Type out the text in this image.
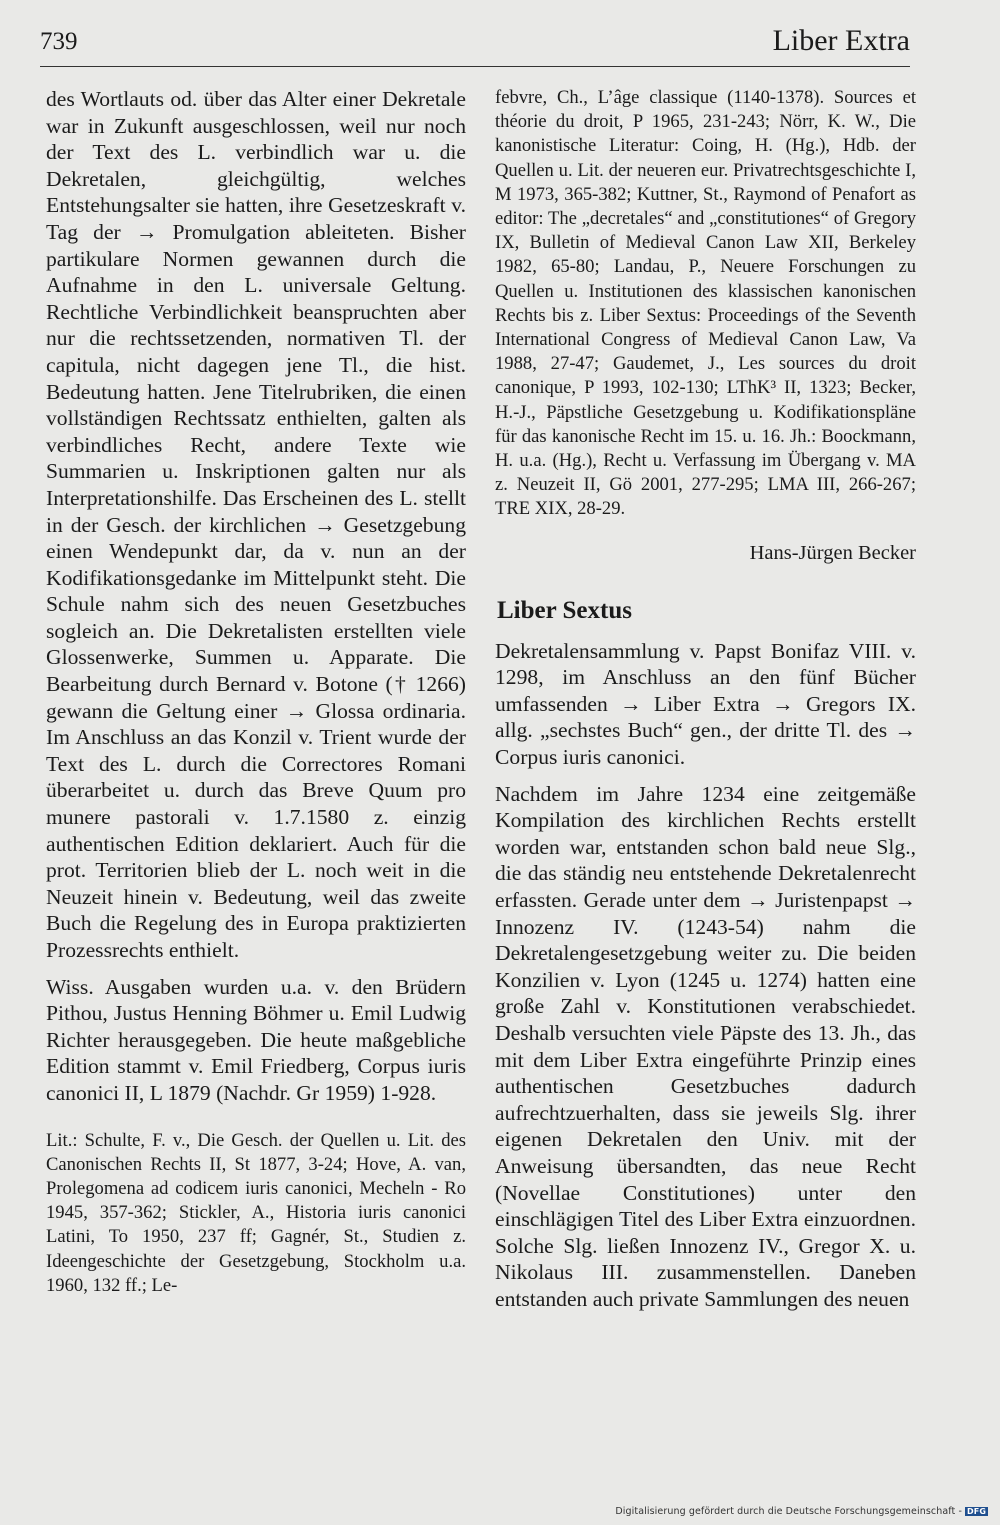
739	Liber Extra

des Wortlauts od. über das Alter einer Dekretale war in Zukunft ausgeschlossen, weil nur noch der Text des L. verbindlich war u. die Dekretalen, gleichgültig, welches Entstehungsalter sie hatten, ihre Gesetzeskraft v. Tag der → Promulgation ableiteten. Bisher partikulare Normen gewannen durch die Aufnahme in den L. universale Geltung. Rechtliche Verbindlichkeit beanspruchten aber nur die rechtssetzenden, normativen Tl. der capitula, nicht dagegen jene Tl., die hist. Bedeutung hatten. Jene Titelrubriken, die einen vollständigen Rechtssatz enthielten, galten als verbindliches Recht, andere Texte wie Summarien u. Inskriptionen galten nur als Interpretationshilfe. Das Erscheinen des L. stellt in der Gesch. der kirchlichen → Gesetzgebung einen Wendepunkt dar, da v. nun an der Kodifikationsgedanke im Mittelpunkt steht. Die Schule nahm sich des neuen Gesetzbuches sogleich an. Die Dekretalisten erstellten viele Glossenwerke, Summen u. Apparate. Die Bearbeitung durch Bernard v. Botone († 1266) gewann die Geltung einer → Glossa ordinaria. Im Anschluss an das Konzil v. Trient wurde der Text des L. durch die Correctores Romani überarbeitet u. durch das Breve Quum pro munere pastorali v. 1.7.1580 z. einzig authentischen Edition deklariert. Auch für die prot. Territorien blieb der L. noch weit in die Neuzeit hinein v. Bedeutung, weil das zweite Buch die Regelung des in Europa praktizierten Prozessrechts enthielt.

Wiss. Ausgaben wurden u.a. v. den Brüdern Pithou, Justus Henning Böhmer u. Emil Ludwig Richter herausgegeben. Die heute maßgebliche Edition stammt v. Emil Friedberg, Corpus iuris canonici II, L 1879 (Nachdr. Gr 1959) 1-928.

Lit.: Schulte, F. v., Die Gesch. der Quellen u. Lit. des Canonischen Rechts II, St 1877, 3-24; Hove, A. van, Prolegomena ad codicem iuris canonici, Mecheln - Ro 1945, 357-362; Stickler, A., Historia iuris canonici Latini, To 1950, 237 ff; Gagnér, St., Studien z. Ideengeschichte der Gesetzgebung, Stockholm u.a. 1960, 132 ff.; Le-

febvre, Ch., L’âge classique (1140-1378). Sources et théorie du droit, P 1965, 231-243; Nörr, K. W., Die kanonistische Literatur: Coing, H. (Hg.), Hdb. der Quellen u. Lit. der neueren eur. Privatrechtsgeschichte I, M 1973, 365-382; Kuttner, St., Raymond of Penafort as editor: The „decretales“ and „constitutiones“ of Gregory IX, Bulletin of Medieval Canon Law XII, Berkeley 1982, 65-80; Landau, P., Neuere Forschungen zu Quellen u. Institutionen des klassischen kanonischen Rechts bis z. Liber Sextus: Proceedings of the Seventh International Congress of Medieval Canon Law, Va 1988, 27-47; Gaudemet, J., Les sources du droit canonique, P 1993, 102-130; LThK³ II, 1323; Becker, H.-J., Päpstliche Gesetzgebung u. Kodifikationspläne für das kanonische Recht im 15. u. 16. Jh.: Boockmann, H. u.a. (Hg.), Recht u. Verfassung im Übergang v. MA z. Neuzeit II, Gö 2001, 277-295; LMA III, 266-267; TRE XIX, 28-29.

Hans-Jürgen Becker

Liber Sextus

Dekretalensammlung v. Papst Bonifaz VIII. v. 1298, im Anschluss an den fünf Bücher umfassenden → Liber Extra → Gregors IX. allg. „sechstes Buch“ gen., der dritte Tl. des → Corpus iuris canonici.

Nachdem im Jahre 1234 eine zeitgemäße Kompilation des kirchlichen Rechts erstellt worden war, entstanden schon bald neue Slg., die das ständig neu entstehende Dekretalenrecht erfassten. Gerade unter dem → Juristenpapst → Innozenz IV. (1243-54) nahm die Dekretalengesetzgebung weiter zu. Die beiden Konzilien v. Lyon (1245 u. 1274) hatten eine große Zahl v. Konstitutionen verabschiedet. Deshalb versuchten viele Päpste des 13. Jh., das mit dem Liber Extra eingeführte Prinzip eines authentischen Gesetzbuches dadurch aufrechtzuerhalten, dass sie jeweils Slg. ihrer eigenen Dekretalen den Univ. mit der Anweisung übersandten, das neue Recht (Novellae Constitutiones) unter den einschlägigen Titel des Liber Extra einzuordnen. Solche Slg. ließen Innozenz IV., Gregor X. u. Nikolaus III. zusammenstellen. Daneben entstanden auch private Sammlungen des neuen

Digitalisierung gefördert durch die Deutsche Forschungsgemeinschaft - DFG
